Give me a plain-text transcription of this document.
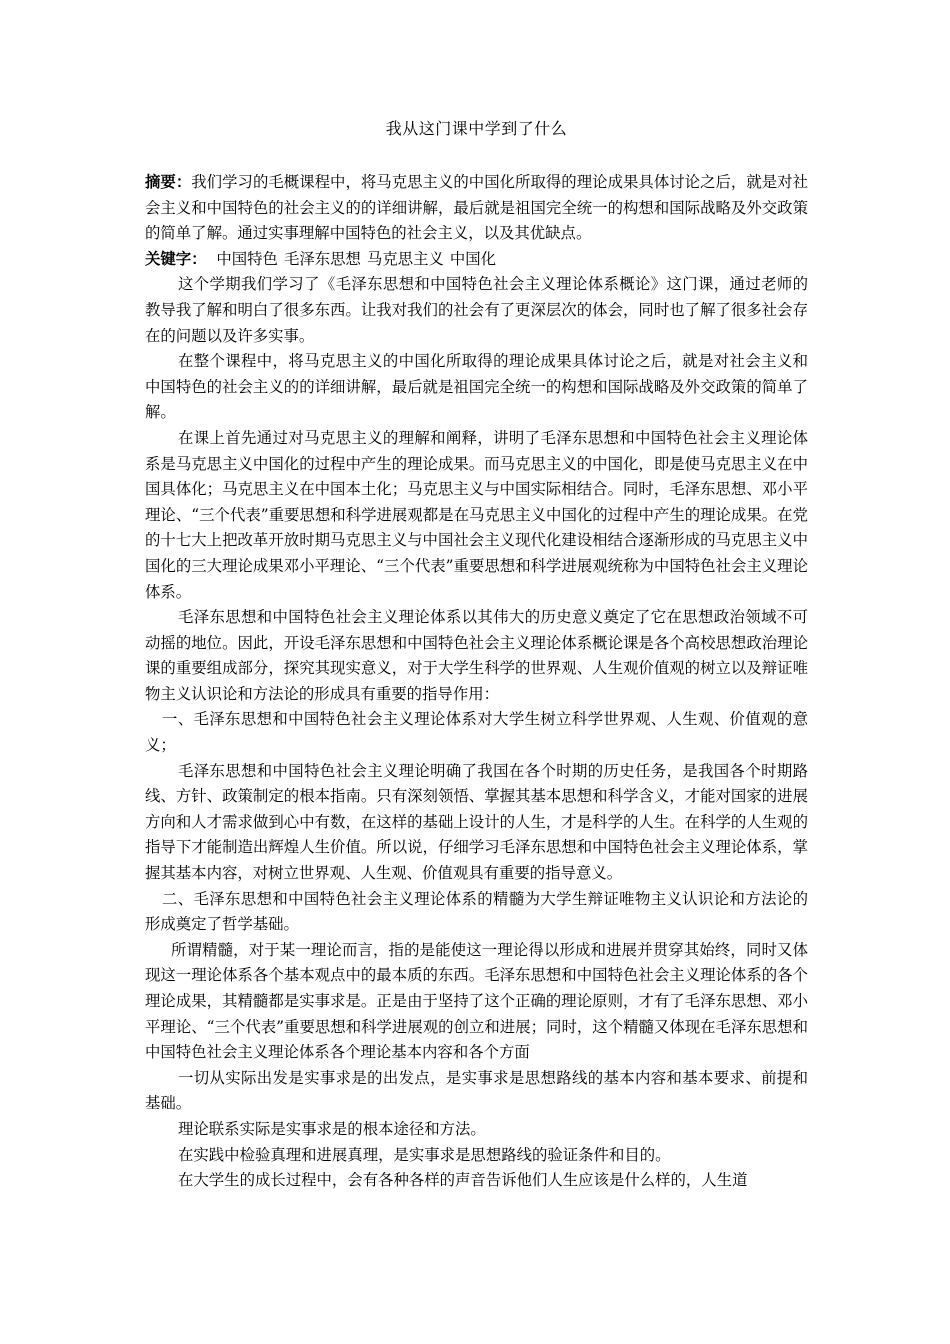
我从这门课中学到了什么

摘要：我们学习的毛概课程中，将马克思主义的中国化所取得的理论成果具体讨论之后，就是对社会主义和中国特色的社会主义的的详细讲解，最后就是祖国完全统一的构想和国际战略及外交政策的简单了解。通过实事理解中国特色的社会主义，以及其优缺点。

关键字： 中国特色 毛泽东思想 马克思主义 中国化

这个学期我们学习了《毛泽东思想和中国特色社会主义理论体系概论》这门课，通过老师的教导我了解和明白了很多东西。让我对我们的社会有了更深层次的体会，同时也了解了很多社会存在的问题以及许多实事。

在整个课程中，将马克思主义的中国化所取得的理论成果具体讨论之后，就是对社会主义和中国特色的社会主义的的详细讲解，最后就是祖国完全统一的构想和国际战略及外交政策的简单了解。

在课上首先通过对马克思主义的理解和阐释，讲明了毛泽东思想和中国特色社会主义理论体系是马克思主义中国化的过程中产生的理论成果。而马克思主义的中国化，即是使马克思主义在中国具体化；马克思主义在中国本土化；马克思主义与中国实际相结合。同时，毛泽东思想、邓小平理论、“三个代表”重要思想和科学进展观都是在马克思主义中国化的过程中产生的理论成果。在党的十七大上把改革开放时期马克思主义与中国社会主义现代化建设相结合逐渐形成的马克思主义中国化的三大理论成果邓小平理论、“三个代表”重要思想和科学进展观统称为中国特色社会主义理论体系。

毛泽东思想和中国特色社会主义理论体系以其伟大的历史意义奠定了它在思想政治领域不可动摇的地位。因此，开设毛泽东思想和中国特色社会主义理论体系概论课是各个高校思想政治理论课的重要组成部分，探究其现实意义，对于大学生科学的世界观、人生观价值观的树立以及辩证唯物主义认识论和方法论的形成具有重要的指导作用：

一、毛泽东思想和中国特色社会主义理论体系对大学生树立科学世界观、人生观、价值观的意义；

毛泽东思想和中国特色社会主义理论明确了我国在各个时期的历史任务，是我国各个时期路线、方针、政策制定的根本指南。只有深刻领悟、掌握其基本思想和科学含义，才能对国家的进展方向和人才需求做到心中有数，在这样的基础上设计的人生，才是科学的人生。在科学的人生观的指导下才能制造出辉煌人生价值。所以说，仔细学习毛泽东思想和中国特色社会主义理论体系，掌握其基本内容，对树立世界观、人生观、价值观具有重要的指导意义。

二、毛泽东思想和中国特色社会主义理论体系的精髓为大学生辩证唯物主义认识论和方法论的形成奠定了哲学基础。

所谓精髓，对于某一理论而言，指的是能使这一理论得以形成和进展并贯穿其始终，同时又体现这一理论体系各个基本观点中的最本质的东西。毛泽东思想和中国特色社会主义理论体系的各个理论成果，其精髓都是实事求是。正是由于坚持了这个正确的理论原则，才有了毛泽东思想、邓小平理论、“三个代表”重要思想和科学进展观的创立和进展；同时，这个精髓又体现在毛泽东思想和中国特色社会主义理论体系各个理论基本内容和各个方面

一切从实际出发是实事求是的出发点，是实事求是思想路线的基本内容和基本要求、前提和基础。

理论联系实际是实事求是的根本途径和方法。

在实践中检验真理和进展真理，是实事求是思想路线的验证条件和目的。

在大学生的成长过程中，会有各种各样的声音告诉他们人生应该是什么样的，人生道
